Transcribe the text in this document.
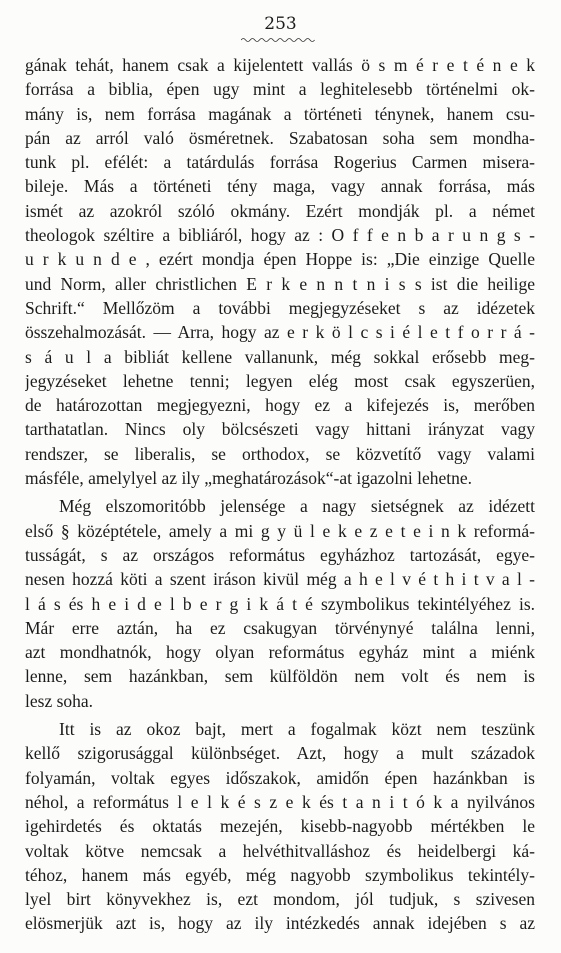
253
gának tehát, hanem csak a kijelentett vallás ö s m é r e t é n e k
forrása a biblia, épen ugy mint a leghitelesebb történelmi ok-
mány is, nem forrása magának a történeti ténynek, hanem csu-
pán az arról való ösméretnek. Szabatosan soha sem mondha-
tunk pl. efélét: a tatárdulás forrása Rogerius Carmen misera-
bileje. Más a történeti tény maga, vagy annak forrása, más
ismét az azokról szóló okmány. Ezért mondják pl. a német
theologok széltire a bibliáról, hogy az : O f f e n b a r u n g s -
u r k u n d e , ezért mondja épen Hoppe is: „Die einzige Quelle
und Norm, aller christlichen E r k e n n t n i s s ist die heilige
Schrift.“ Mellőzöm a további megjegyzéseket s az idézetek
összehalmozását. — Arra, hogy az e r k ö l c s i é l e t f o r r á -
s á u l a bibliát kellene vallanunk, még sokkal erősebb meg-
jegyzéseket lehetne tenni; legyen elég most csak egyszerüen,
de határozottan megjegyezni, hogy ez a kifejezés is, merőben
tarthatatlan. Nincs oly bölcsészeti vagy hittani irányzat vagy
rendszer, se liberalis, se orthodox, se közvetítő vagy valami
másféle, amelylyel az ily „meghatározások“-at igazolni lehetne.
Még elszomoritóbb jelensége a nagy sietségnek az idézett
első § középtétele, amely a mi g y ü l e k e z e t e i n k reformá-
tusságát, s az országos református egyházhoz tartozását, egye-
nesen hozzá köti a szent iráson kivül még a h e l v é t h i t v a l -
l á s és h e i d e l b e r g i k á t é szymbolikus tekintélyéhez is.
Már erre aztán, ha ez csakugyan törvénynyé találna lenni,
azt mondhatnók, hogy olyan református egyház mint a miénk
lenne, sem hazánkban, sem külföldön nem volt és nem is
lesz soha.
Itt is az okoz bajt, mert a fogalmak közt nem teszünk
kellő szigorusággal különbséget. Azt, hogy a mult századok
folyamán, voltak egyes időszakok, amidőn épen hazánkban is
néhol, a református l e l k é s z e k és t a n i t ó k a nyilvános
igehirdetés és oktatás mezején, kisebb-nagyobb mértékben le
voltak kötve nemcsak a helvéthitvalláshoz és heidelbergi ká-
téhoz, hanem más egyéb, még nagyobb szymbolikus tekintély-
lyel birt könyvekhez is, ezt mondom, jól tudjuk, s szivesen
elösmerjük azt is, hogy az ily intézkedés annak idejében s az
